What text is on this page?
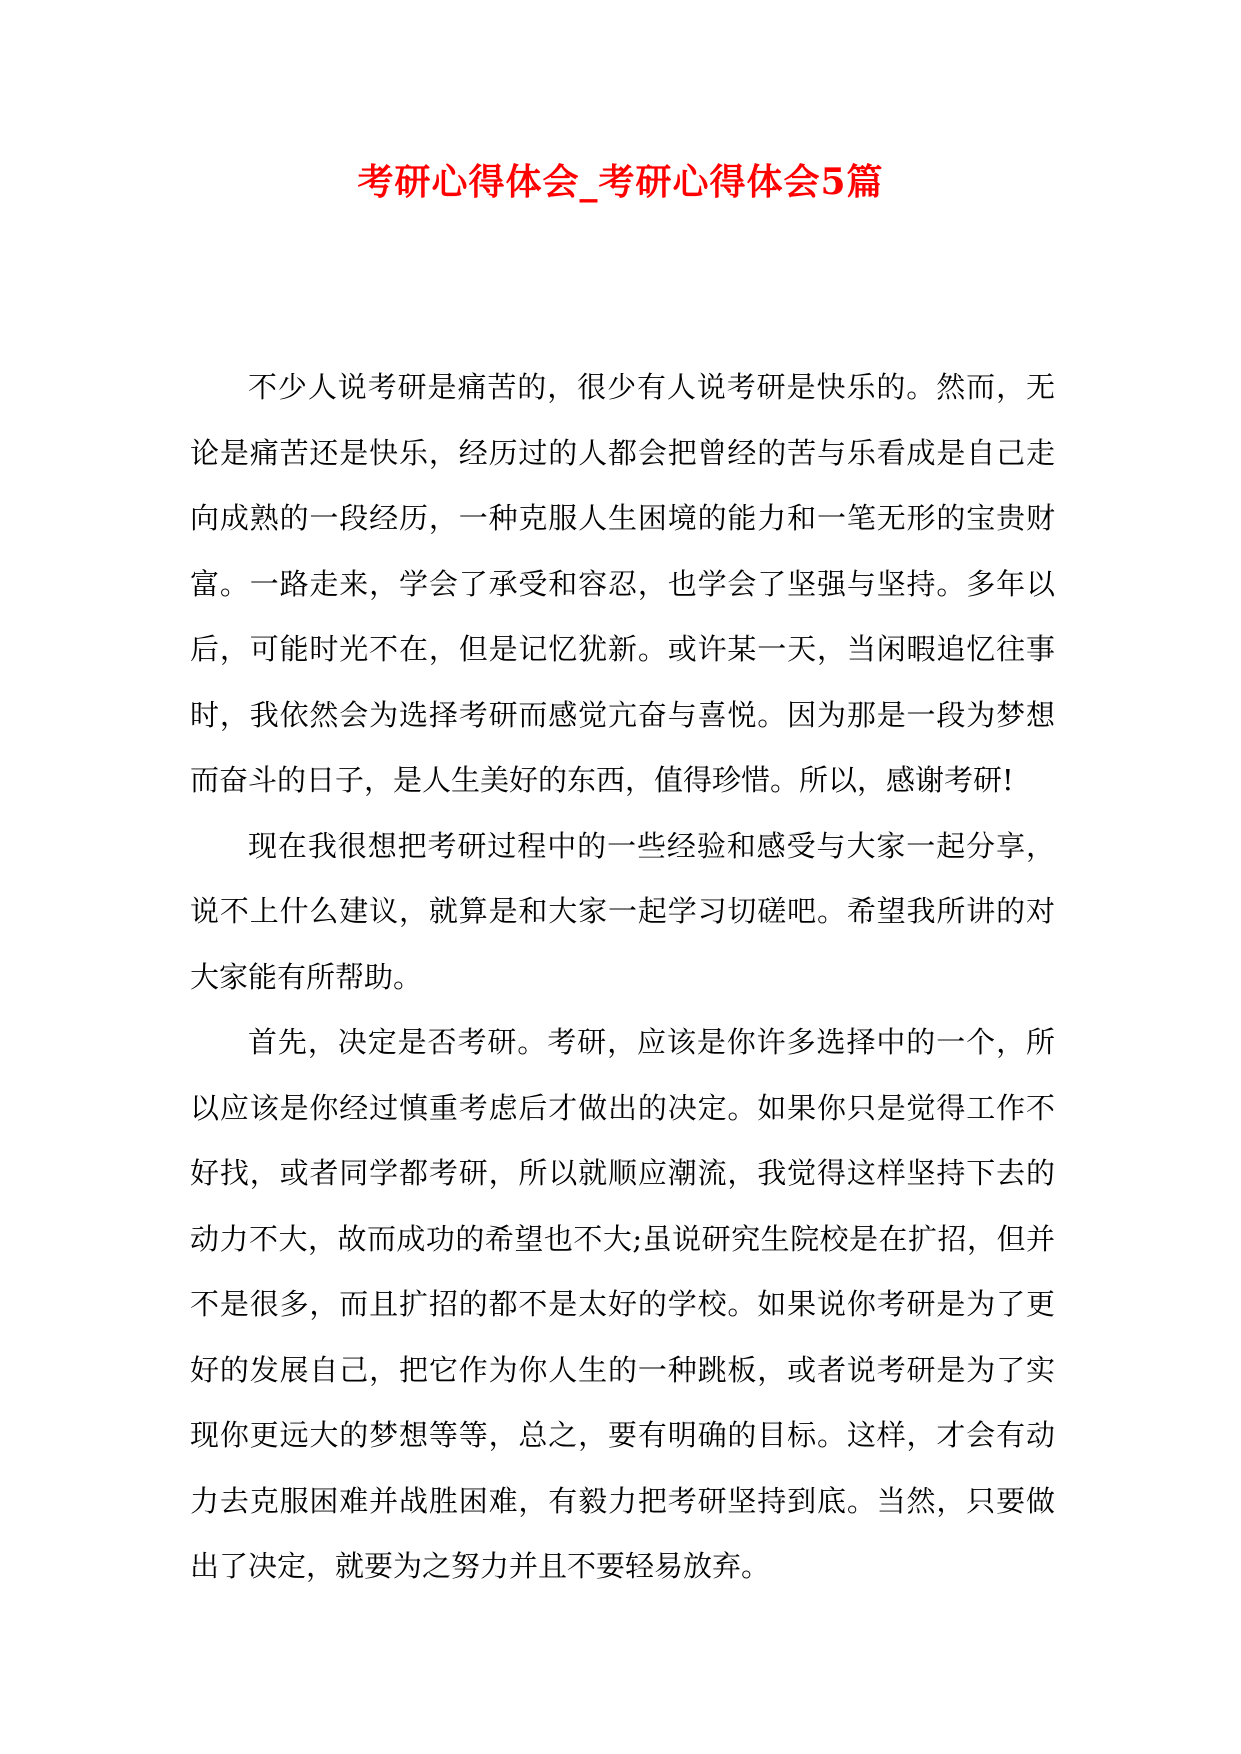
考研心得体会_考研心得体会5篇

不少人说考研是痛苦的，很少有人说考研是快乐的。然而，无论是痛苦还是快乐，经历过的人都会把曾经的苦与乐看成是自己走向成熟的一段经历，一种克服人生困境的能力和一笔无形的宝贵财富。一路走来，学会了承受和容忍，也学会了坚强与坚持。多年以后，可能时光不在，但是记忆犹新。或许某一天，当闲暇追忆往事时，我依然会为选择考研而感觉亢奋与喜悦。因为那是一段为梦想而奋斗的日子，是人生美好的东西，值得珍惜。所以，感谢考研!

现在我很想把考研过程中的一些经验和感受与大家一起分享，说不上什么建议，就算是和大家一起学习切磋吧。希望我所讲的对大家能有所帮助。

首先，决定是否考研。考研，应该是你许多选择中的一个，所以应该是你经过慎重考虑后才做出的决定。如果你只是觉得工作不好找，或者同学都考研，所以就顺应潮流，我觉得这样坚持下去的动力不大，故而成功的希望也不大;虽说研究生院校是在扩招，但并不是很多，而且扩招的都不是太好的学校。如果说你考研是为了更好的发展自己，把它作为你人生的一种跳板，或者说考研是为了实现你更远大的梦想等等，总之，要有明确的目标。这样，才会有动力去克服困难并战胜困难，有毅力把考研坚持到底。当然，只要做出了决定，就要为之努力并且不要轻易放弃。
